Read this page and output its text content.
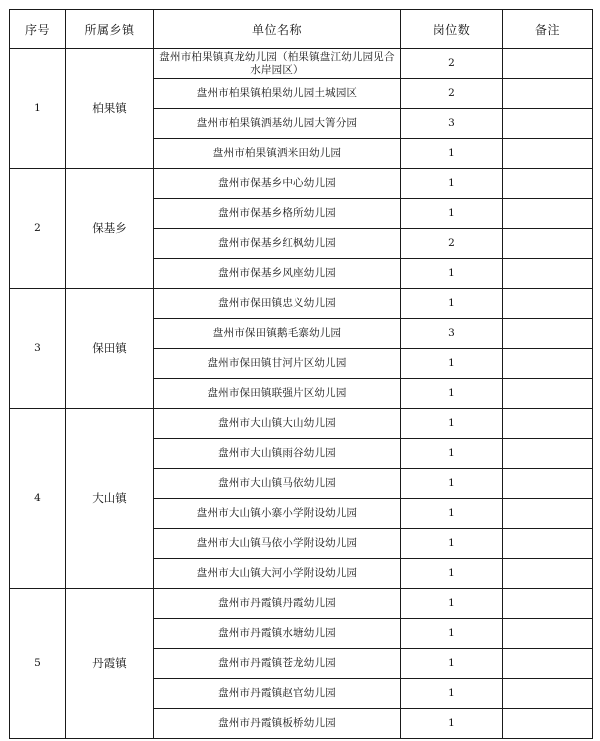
序号	所属乡镇	单位名称	岗位数	备注
1	柏果镇	盘州市柏果镇真龙幼儿园（柏果镇盘江幼儿园见合水岸园区）	2	
		盘州市柏果镇柏果幼儿园土城园区	2	
		盘州市柏果镇洒基幼儿园大箐分园	3	
		盘州市柏果镇洒米田幼儿园	1	
2	保基乡	盘州市保基乡中心幼儿园	1	
		盘州市保基乡格所幼儿园	1	
		盘州市保基乡红枫幼儿园	2	
		盘州市保基乡风座幼儿园	1	
3	保田镇	盘州市保田镇忠义幼儿园	1	
		盘州市保田镇鹅毛寨幼儿园	3	
		盘州市保田镇甘河片区幼儿园	1	
		盘州市保田镇联强片区幼儿园	1	
4	大山镇	盘州市大山镇大山幼儿园	1	
		盘州市大山镇雨谷幼儿园	1	
		盘州市大山镇马依幼儿园	1	
		盘州市大山镇小寨小学附设幼儿园	1	
		盘州市大山镇马依小学附设幼儿园	1	
		盘州市大山镇大河小学附设幼儿园	1	
5	丹霞镇	盘州市丹霞镇丹霞幼儿园	1	
		盘州市丹霞镇水塘幼儿园	1	
		盘州市丹霞镇苍龙幼儿园	1	
		盘州市丹霞镇赵官幼儿园	1	
		盘州市丹霞镇板桥幼儿园	1	
